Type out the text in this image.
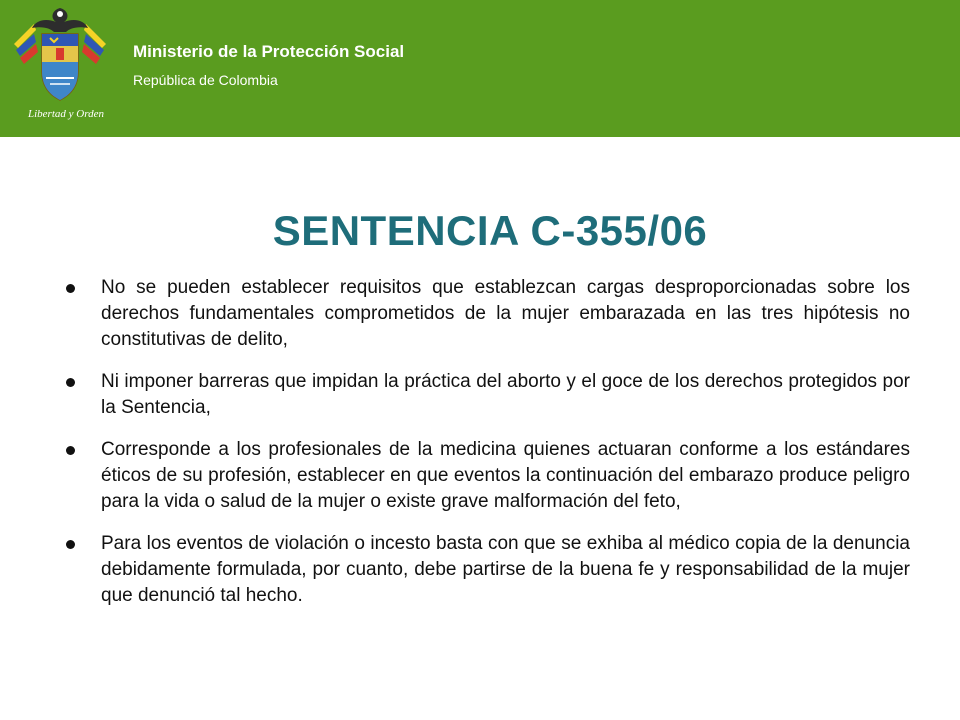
Libertad y Orden
Ministerio de la Protección Social
República de Colombia
SENTENCIA C-355/06
No se pueden establecer requisitos que establezcan cargas desproporcionadas sobre los derechos fundamentales comprometidos de la mujer embarazada en las tres hipótesis no constitutivas de delito,
Ni imponer barreras que impidan la práctica del aborto y el goce de los derechos protegidos por la Sentencia,
Corresponde a los profesionales de la medicina quienes actuaran conforme a los estándares éticos de su profesión, establecer en que eventos la continuación del embarazo produce peligro para la vida o salud de la mujer o existe grave malformación del feto,
Para los eventos de violación o incesto basta con que se exhiba al médico copia de la denuncia debidamente formulada, por cuanto, debe partirse de la buena fe y responsabilidad de la mujer que denunció tal hecho.
